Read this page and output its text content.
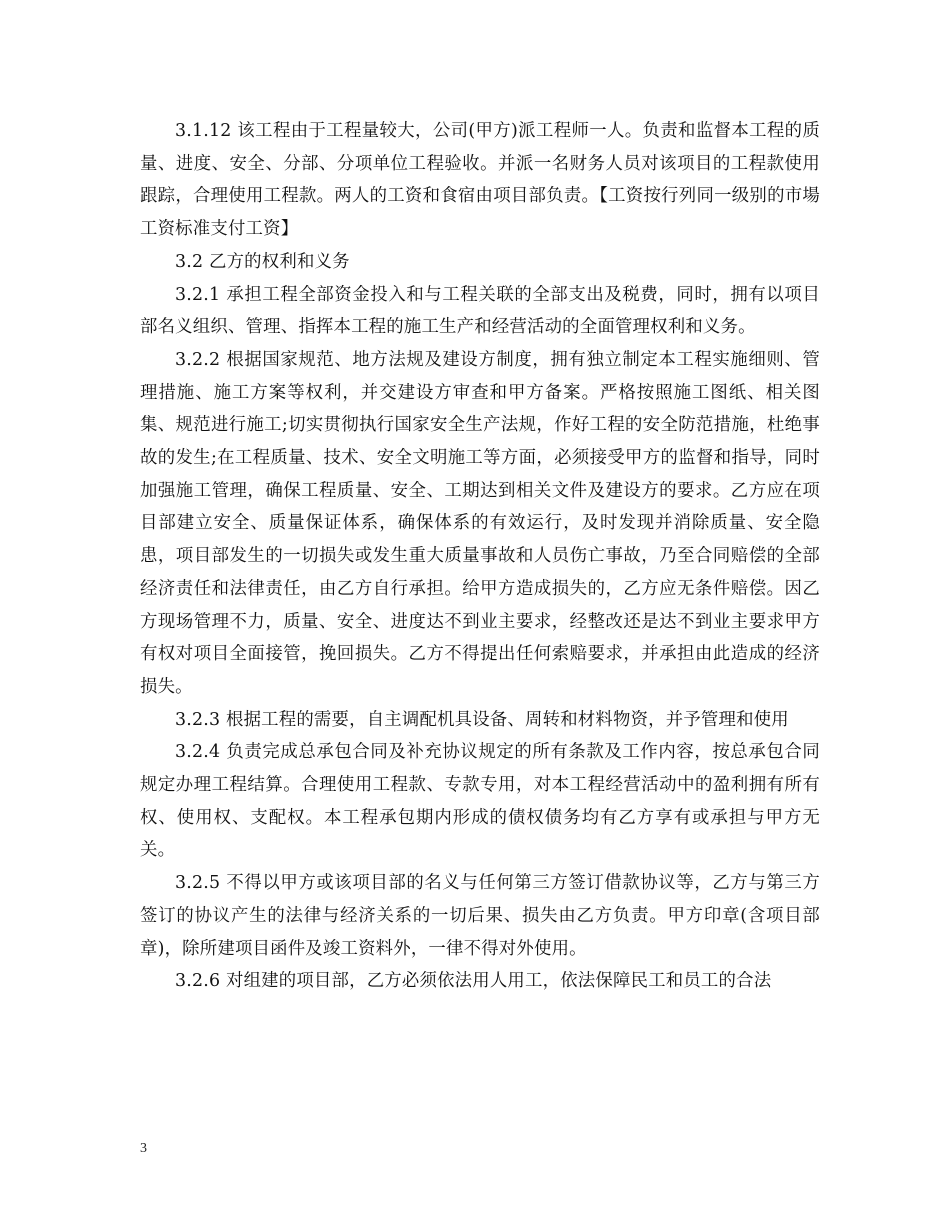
3.1.12 该工程由于工程量较大，公司(甲方)派工程师一人。负责和监督本工程的质量、进度、安全、分部、分项单位工程验收。并派一名财务人员对该项目的工程款使用跟踪，合理使用工程款。两人的工资和食宿由项目部负责。【工资按行列同一级别的市場工资标准支付工资】

3.2 乙方的权利和义务

3.2.1 承担工程全部资金投入和与工程关联的全部支出及税费，同时，拥有以项目部名义组织、管理、指挥本工程的施工生产和经营活动的全面管理权利和义务。

3.2.2 根据国家规范、地方法规及建设方制度，拥有独立制定本工程实施细则、管理措施、施工方案等权利，并交建设方审查和甲方备案。严格按照施工图纸、相关图集、规范进行施工;切实贯彻执行国家安全生产法规，作好工程的安全防范措施，杜绝事故的发生;在工程质量、技术、安全文明施工等方面，必须接受甲方的监督和指导，同时加强施工管理，确保工程质量、安全、工期达到相关文件及建设方的要求。乙方应在项目部建立安全、质量保证体系，确保体系的有效运行，及时发现并消除质量、安全隐患，项目部发生的一切损失或发生重大质量事故和人员伤亡事故，乃至合同赔偿的全部经济责任和法律责任，由乙方自行承担。给甲方造成损失的，乙方应无条件赔偿。因乙方现场管理不力，质量、安全、进度达不到业主要求，经整改还是达不到业主要求甲方有权对项目全面接管，挽回损失。乙方不得提出任何索赔要求，并承担由此造成的经济损失。

3.2.3 根据工程的需要，自主调配机具设备、周转和材料物资，并予管理和使用

3.2.4 负责完成总承包合同及补充协议规定的所有条款及工作内容，按总承包合同规定办理工程结算。合理使用工程款、专款专用，对本工程经营活动中的盈利拥有所有权、使用权、支配权。本工程承包期内形成的债权债务均有乙方享有或承担与甲方无关。

3.2.5 不得以甲方或该项目部的名义与任何第三方签订借款协议等，乙方与第三方签订的协议产生的法律与经济关系的一切后果、损失由乙方负责。甲方印章(含项目部章)，除所建项目函件及竣工资料外，一律不得对外使用。

3.2.6 对组建的项目部，乙方必须依法用人用工，依法保障民工和员工的合法

3
